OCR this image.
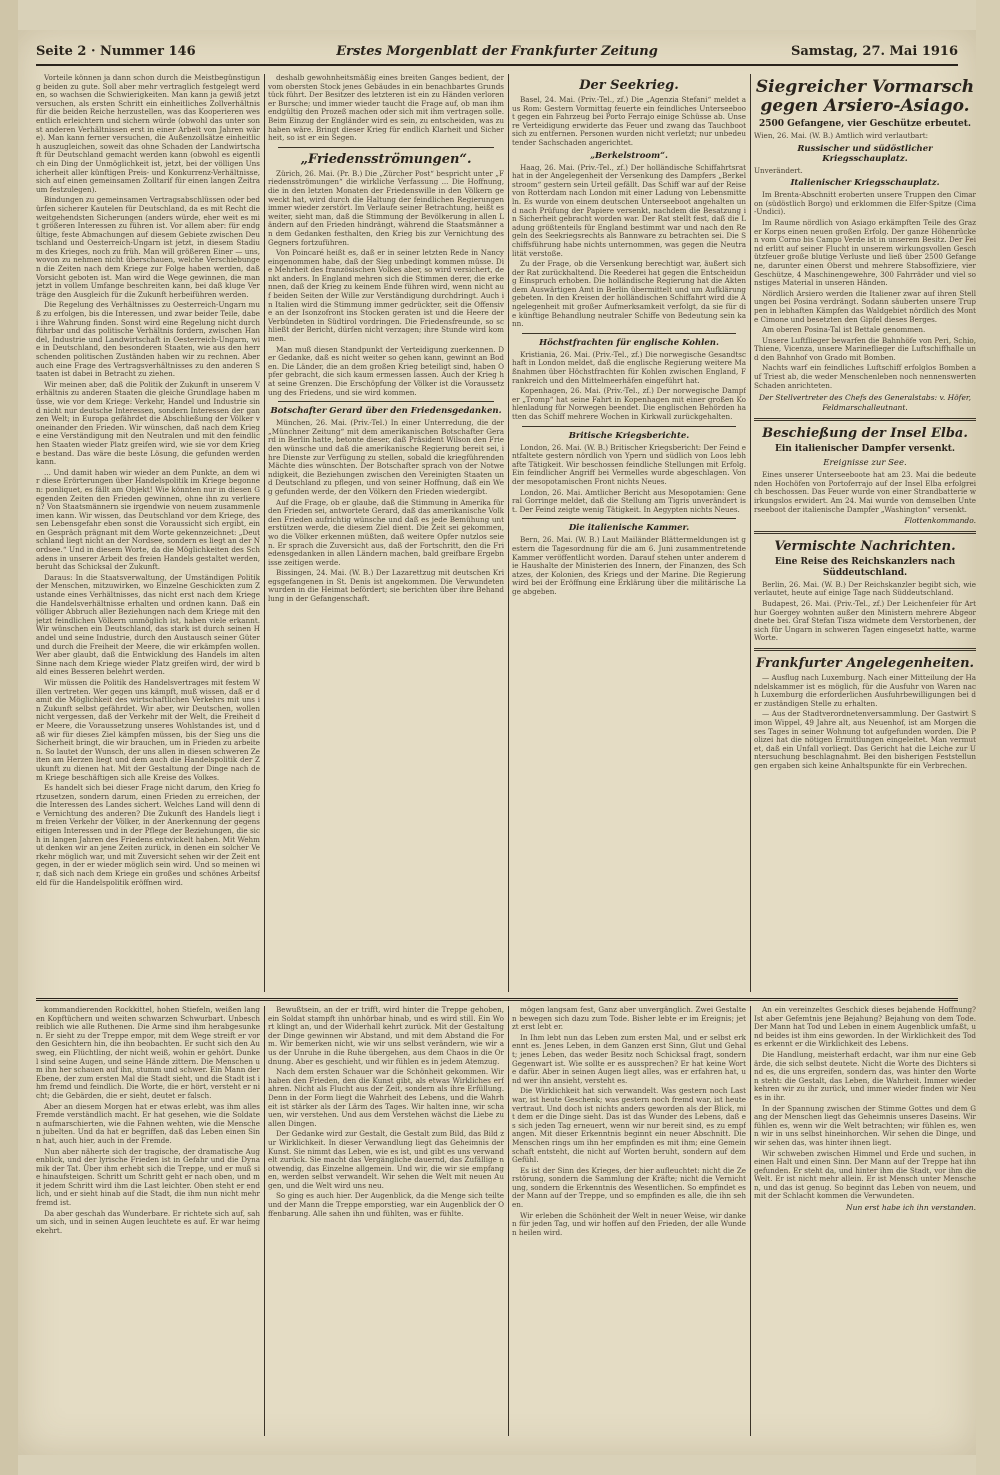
Seite 2 · Nummer 146	Erstes Morgenblatt der Frankfurter Zeitung	Samstag, 27. Mai 1916

Vorteile können ja dann schon durch die Meistbegünstigung beiden zu gute. Soll aber mehr vertraglich festgelegt werden, so wachsen die Schwierigkeiten. Man kann ja gewiß jetzt versuchen, als ersten Schritt ein einheitliches Zollverhältnis für die beiden Reiche herzustellen, was das Kooperieren wesentlich erleichtern und sichern würde (obwohl das unter sonst anderen Verhältnissen erst in einer Arbeit von Jahren wäre). Man kann ferner versuchen, die Außenzollsätze einheitlich auszugleichen, soweit das ohne Schaden der Landwirtschaft für Deutschland gemacht werden kann (obwohl es eigentlich ein Ding der Unmöglichkeit ist, jetzt, bei der völligen Unsicherheit aller künftigen Preis- und Konkurrenz-Verhältnisse, sich auf einen gemeinsamen Zolltarif für einen langen Zeitraum festzulegen).

Bindungen zu gemeinsamen Vertragsabschlüssen oder bedürfen sicherer Kautelen für Deutschland, da es mit Recht die weitgehendsten Sicherungen (anders würde, eher weit es mit größeren Interessen zu führen ist. Vor allem aber: für endgültige, feste Abmachungen auf diesem Gebiete zwischen Deutschland und Oesterreich-Ungarn ist jetzt, in diesem Stadium des Krieges, noch zu früh. Man will größeren Einer — uns, wovon zu nehmen nicht überschauen, welche Verschiebungen die Zeiten nach dem Kriege zur Folge haben werden, daß Vorsicht geboten ist. Man wird die Wege gewinnen, die man jetzt in vollem Umfange beschreiten kann, bei daß kluge Verträge den Ausgleich für die Zukunft herbeiführen werden.

Die Regelung des Verhältnisses zu Oesterreich-Ungarn muß zu erfolgen, bis die Interessen, und zwar beider Teile, dabei ihre Wahrung finden. Sonst wird eine Regelung nicht durchführbar und das politische Verhältnis fordern, zwischen Handel, Industrie und Landwirtschaft in Oesterreich-Ungarn, wie in Deutschland, den besonderen Staaten, wie aus den herrschenden politischen Zuständen haben wir zu rechnen. Aber auch eine Frage des Vertragsverhältnisses zu den anderen Staaten ist dabei in Betracht zu ziehen.

Wir meinen aber, daß die Politik der Zukunft in unserem Verhältnis zu anderen Staaten die gleiche Grundlage haben müsse, wie vor dem Kriege: Verkehr, Handel und Industrie sind nicht nur deutsche Interessen, sondern Interessen der ganzen Welt; in Europa gefährdet die Abschließung der Völker voneinander den Frieden. Wir wünschen, daß nach dem Kriege eine Verständigung mit den Neutralen und mit den feindlichen Staaten wieder Platz greifen wird, wie sie vor dem Kriege bestand. Das wäre die beste Lösung, die gefunden werden kann.

... Und damit haben wir wieder an dem Punkte, an dem wir diese Erörterungen über Handelspolitik im Kriege begonnen: ponliquet, es fällt am Objekt! Wie könnten nur in diesen Gegenden Zeiten den Frieden gewinnen, ohne ihn zu verlieren? Von Staatsmännern sie irgendwie von neuem zusammenleimen kann. Wir wissen, das Deutschland vor dem Kriege, dessen Lebensgefahr eben sonst die Voraussicht sich ergibt, einen Gespräch prägnant mit dem Worte gekennzeichnet: „Deutschland liegt nicht an der Nordsee, sondern es liegt an der Nordsee.“ Und in diesem Worte, da die Möglichkeiten des Schadens in unserer Arbeit des freien Handels gestaltet werden, beruht das Schicksal der Zukunft.

Daraus: In die Staatsverwaltung, der Umständigen Politik der Menschen, mitzuwirken, wo Einzelne Geschickten zum Zustande eines Verhältnisses, das nicht erst nach dem Kriege die Handelsverhältnisse erhalten und ordnen kann. Daß ein völliger Abbruch aller Beziehungen nach dem Kriege mit den jetzt feindlichen Völkern unmöglich ist, haben viele erkannt. Wir wünschen ein Deutschland, das stark ist durch seinen Handel und seine Industrie, durch den Austausch seiner Güter und durch die Freiheit der Meere, die wir erkämpfen wollen. Wer aber glaubt, daß die Entwicklung des Handels im alten Sinne nach dem Kriege wieder Platz greifen wird, der wird bald eines Besseren belehrt werden.

Wir müssen die Politik des Handelsvertrages mit festem Willen vertreten. Wer gegen uns kämpft, muß wissen, daß er damit die Möglichkeit des wirtschaftlichen Verkehrs mit uns in Zukunft selbst gefährdet. Wir aber, wir Deutschen, wollen nicht vergessen, daß der Verkehr mit der Welt, die Freiheit der Meere, die Voraussetzung unseres Wohlstandes ist, und daß wir für dieses Ziel kämpfen müssen, bis der Sieg uns die Sicherheit bringt, die wir brauchen, um in Frieden zu arbeiten. So lautet der Wunsch, der uns allen in diesen schweren Zeiten am Herzen liegt und dem auch die Handelspolitik der Zukunft zu dienen hat. Mit der Gestaltung der Dinge nach dem Kriege beschäftigen sich alle Kreise des Volkes.

Es handelt sich bei dieser Frage nicht darum, den Krieg fortzusetzen, sondern darum, einen Frieden zu erreichen, der die Interessen des Landes sichert. Welches Land will denn die Vernichtung des anderen? Die Zukunft des Handels liegt im freien Verkehr der Völker, in der Anerkennung der gegenseitigen Interessen und in der Pflege der Beziehungen, die sich in langen Jahren des Friedens entwickelt haben. Mit Wehmut denken wir an jene Zeiten zurück, in denen ein solcher Verkehr möglich war, und mit Zuversicht sehen wir der Zeit entgegen, in der er wieder möglich sein wird. Und so meinen wir, daß sich nach dem Kriege ein großes und schönes Arbeitsfeld für die Handelspolitik eröffnen wird.

deshalb gewohnheitsmäßig eines breiten Ganges bedient, der vom obersten Stock jenes Gebäudes in ein benachbartes Grundstück führt. Der Besitzer des letzteren ist ein zu Händen verlorener Bursche; und immer wieder taucht die Frage auf, ob man ihm endgültig den Prozeß machen oder sich mit ihm vertragen solle. Beim Einzug der Engländer wird es sein, zu entscheiden, was zu haben wäre. Bringt dieser Krieg für endlich Klarheit und Sicherheit, so ist er ein Segen.

„Friedensströmungen“.

Zürich, 26. Mai. (Pr. B.) Die „Zürcher Post“ bespricht unter „Friedensströmungen“ die wirkliche Verfassung ... Die Hoffnung, die in den letzten Monaten der Friedenswille in den Völkern geweckt hat, wird durch die Haltung der feindlichen Regierungen immer wieder zerstört. Im Verlaufe seiner Betrachtung, heißt es weiter, sieht man, daß die Stimmung der Bevölkerung in allen Ländern auf den Frieden hindrängt, während die Staatsmänner an dem Gedanken festhalten, den Krieg bis zur Vernichtung des Gegners fortzuführen.

Von Poincaré heißt es, daß er in seiner letzten Rede in Nancy eingenommen habe, daß der Sieg unbedingt kommen müsse. Die Mehrheit des französischen Volkes aber, so wird versichert, denkt anders. In England mehren sich die Stimmen derer, die erkennen, daß der Krieg zu keinem Ende führen wird, wenn nicht auf beiden Seiten der Wille zur Verständigung durchdringt. Auch in Italien wird die Stimmung immer gedrückter, seit die Offensive an der Isonzofront ins Stocken geraten ist und die Heere der Verbündeten in Südtirol vordringen. Die Friedensfreunde, so schließt der Bericht, dürfen nicht verzagen; ihre Stunde wird kommen.

Man muß diesen Standpunkt der Verteidigung zuerkennen. Der Gedanke, daß es nicht weiter so gehen kann, gewinnt an Boden. Die Länder, die an dem großen Krieg beteiligt sind, haben Opfer gebracht, die sich kaum ermessen lassen. Auch der Krieg hat seine Grenzen. Die Erschöpfung der Völker ist die Voraussetzung des Friedens, und sie wird kommen.

Botschafter Gerard über den Friedensgedanken.

München, 26. Mai. (Priv.-Tel.) In einer Unterredung, die der „Münchner Zeitung“ mit dem amerikanischen Botschafter Gerard in Berlin hatte, betonte dieser, daß Präsident Wilson den Frieden wünsche und daß die amerikanische Regierung bereit sei, ihre Dienste zur Verfügung zu stellen, sobald die kriegführenden Mächte dies wünschten. Der Botschafter sprach von der Notwendigkeit, die Beziehungen zwischen den Vereinigten Staaten und Deutschland zu pflegen, und von seiner Hoffnung, daß ein Weg gefunden werde, der den Völkern den Frieden wiedergibt.

Auf die Frage, ob er glaube, daß die Stimmung in Amerika für den Frieden sei, antwortete Gerard, daß das amerikanische Volk den Frieden aufrichtig wünsche und daß es jede Bemühung unterstützen werde, die diesem Ziel dient. Die Zeit sei gekommen, wo die Völker erkennen müßten, daß weitere Opfer nutzlos seien. Er sprach die Zuversicht aus, daß der Fortschritt, den die Friedensgedanken in allen Ländern machen, bald greifbare Ergebnisse zeitigen werde.

Bissingen, 24. Mai. (W. B.) Der Lazarettzug mit deutschen Kriegsgefangenen in St. Denis ist angekommen. Die Verwundeten wurden in die Heimat befördert; sie berichten über ihre Behandlung in der Gefangenschaft.

Der Seekrieg.

Basel, 24. Mai. (Priv.-Tel., zf.) Die „Agenzia Stefani“ meldet aus Rom: Gestern Vormittag feuerte ein feindliches Unterseeboot gegen ein Fahrzeug bei Porto Ferrajo einige Schüsse ab. Unsere Verteidigung erwiderte das Feuer und zwang das Tauchboot sich zu entfernen. Personen wurden nicht verletzt; nur unbedeutender Sachschaden angerichtet.

„Berkelstroom“.

Haag, 26. Mai. (Priv.-Tel., zf.) Der holländische Schiffahrtsrat hat in der Angelegenheit der Versenkung des Dampfers „Berkelstroom“ gestern sein Urteil gefällt. Das Schiff war auf der Reise von Rotterdam nach London mit einer Ladung von Lebensmitteln. Es wurde von einem deutschen Unterseeboot angehalten und nach Prüfung der Papiere versenkt, nachdem die Besatzung in Sicherheit gebracht worden war. Der Rat stellt fest, daß die Ladung größtenteils für England bestimmt war und nach den Regeln des Seekriegsrechts als Bannware zu betrachten sei. Die Schiffsführung habe nichts unternommen, was gegen die Neutralität verstoße.

Zu der Frage, ob die Versenkung berechtigt war, äußert sich der Rat zurückhaltend. Die Reederei hat gegen die Entscheidung Einspruch erhoben. Die holländische Regierung hat die Akten dem Auswärtigen Amt in Berlin übermittelt und um Aufklärung gebeten. In den Kreisen der holländischen Schiffahrt wird die Angelegenheit mit großer Aufmerksamkeit verfolgt, da sie für die künftige Behandlung neutraler Schiffe von Bedeutung sein kann.

Höchstfrachten für englische Kohlen.

Kristiania, 26. Mai. (Priv.-Tel., zf.) Die norwegische Gesandtschaft in London meldet, daß die englische Regierung weitere Maßnahmen über Höchstfrachten für Kohlen zwischen England, Frankreich und den Mittelmeerhäfen eingeführt hat.

Kopenhagen, 26. Mai. (Priv.-Tel., zf.) Der norwegische Dampfer „Tromp“ hat seine Fahrt in Kopenhagen mit einer großen Kohlenladung für Norwegen beendet. Die englischen Behörden hatten das Schiff mehrere Wochen in Kirkwall zurückgehalten.

Britische Kriegsberichte.

London, 26. Mai. (W. B.) Britischer Kriegsbericht: Der Feind entfaltete gestern nördlich von Ypern und südlich von Loos lebhafte Tätigkeit. Wir beschossen feindliche Stellungen mit Erfolg. Ein feindlicher Angriff bei Vermelles wurde abgeschlagen. Von der mesopotamischen Front nichts Neues.

London, 26. Mai. Amtlicher Bericht aus Mesopotamien: General Gorringe meldet, daß die Stellung am Tigris unverändert ist. Der Feind zeigte wenig Tätigkeit. In Aegypten nichts Neues.

Die italienische Kammer.

Bern, 26. Mai. (W. B.) Laut Mailänder Blättermeldungen ist gestern die Tagesordnung für die am 6. Juni zusammentretende Kammer veröffentlicht worden. Darauf stehen unter anderem die Haushalte der Ministerien des Innern, der Finanzen, des Schatzes, der Kolonien, des Kriegs und der Marine. Die Regierung wird bei der Eröffnung eine Erklärung über die militärische Lage abgeben.

Siegreicher Vormarsch gegen Arsiero-Asiago.
2500 Gefangene, vier Geschütze erbeutet.
Wien, 26. Mai. (W. B.) Amtlich wird verlautbart:
Russischer und südöstlicher Kriegsschauplatz.
Unverändert.
Italienischer Kriegsschauplatz.

Im Brenta-Abschnitt eroberten unsere Truppen den Cimaron (südöstlich Borgo) und erklommen die Elfer-Spitze (Cima-Undici).

Im Raume nördlich von Asiago erkämpften Teile des Grazer Korps einen neuen großen Erfolg. Der ganze Höhenrücken vom Corno bis Campo Verde ist in unserem Besitz. Der Feind erlitt auf seiner Flucht in unserem wirkungsvollen Geschützfeuer große blutige Verluste und ließ über 2500 Gefangene, darunter einen Oberst und mehrere Stabsoffiziere, vier Geschütze, 4 Maschinengewehre, 300 Fahrräder und viel sonstiges Material in unseren Händen.

Nördlich Arsiero werden die Italiener zwar auf ihren Stellungen bei Posina verdrängt. Sodann säuberten unsere Truppen in lebhaften Kämpfen das Waldgebiet nördlich des Monte Cimone und besetzten den Gipfel dieses Berges.

Am oberen Posina-Tal ist Bettale genommen.

Unsere Luftflieger bewarfen die Bahnhöfe von Peri, Schio, Thiene, Vicenza, unsere Marineflieger die Luftschiffhalle und den Bahnhof von Grado mit Bomben.

Nachts warf ein feindliches Luftschiff erfolglos Bomben auf Triest ab, die weder Menschenleben noch nennenswerten Schaden anrichteten.

Der Stellvertreter des Chefs des Generalstabs: v. Höfer, Feldmarschalleutnant.
Beschießung der Insel Elba.
Ein italienischer Dampfer versenkt.
Ereignisse zur See.

Eines unserer Unterseeboote hat am 23. Mai die bedeutenden Hochöfen von Portoferrajo auf der Insel Elba erfolgreich beschossen. Das Feuer wurde von einer Strandbatterie wirkungslos erwidert. Am 24. Mai wurde von demselben Unterseeboot der italienische Dampfer „Washington“ versenkt.

Flottenkommando.
Vermischte Nachrichten.
Eine Reise des Reichskanzlers nach Süddeutschland.

Berlin, 26. Mai. (W. B.) Der Reichskanzler begibt sich, wie verlautet, heute auf einige Tage nach Süddeutschland.

Budapest, 26. Mai. (Priv.-Tel., zf.) Der Leichenfeier für Arthur Goergey wohnten außer den Ministern mehrere Abgeordnete bei. Graf Stefan Tisza widmete dem Verstorbenen, der sich für Ungarn in schweren Tagen eingesetzt hatte, warme Worte.

Frankfurter Angelegenheiten.

— Ausflug nach Luxemburg. Nach einer Mitteilung der Handelskammer ist es möglich, für die Ausfuhr von Waren nach Luxemburg die erforderlichen Ausfuhrbewilligungen bei der zuständigen Stelle zu erhalten.

— Aus der Stadtverordnetenversammlung. Der Gastwirt Simon Wippel, 49 Jahre alt, aus Neuenhof, ist am Morgen dieses Tages in seiner Wohnung tot aufgefunden worden. Die Polizei hat die nötigen Ermittlungen eingeleitet. Man vermutet, daß ein Unfall vorliegt. Das Gericht hat die Leiche zur Untersuchung beschlagnahmt. Bei den bisherigen Feststellungen ergaben sich keine Anhaltspunkte für ein Verbrechen.

kommandierenden Rockkittel, hohen Stiefeln, weißen langen Kopftüchern und weiten schwarzen Schwurbart. Unbeschreiblich wie alle Ruthenen. Die Arme sind ihm herabgesunken. Er sieht zu der Treppe empor, mit dem Wege streift er vor den Gesichtern hin, die ihn beobachten. Er sucht sich den Ausweg, ein Flüchtling, der nicht weiß, wohin er gehört. Dunkel sind seine Augen, und seine Hände zittern. Die Menschen um ihn her schauen auf ihn, stumm und schwer. Ein Mann der Ebene, der zum ersten Mal die Stadt sieht, und die Stadt ist ihm fremd und feindlich. Die Worte, die er hört, versteht er nicht; die Gebärden, die er sieht, deutet er falsch.

Aber an diesem Morgen hat er etwas erlebt, was ihm alles Fremde verständlich macht. Er hat gesehen, wie die Soldaten aufmarschierten, wie die Fahnen wehten, wie die Menschen jubelten. Und da hat er begriffen, daß das Leben einen Sinn hat, auch hier, auch in der Fremde.

Nun aber näherte sich der tragische, der dramatische Augenblick, und der lyrische Frieden ist in Gefahr und die Dynamik der Tat. Über ihm erhebt sich die Treppe, und er muß sie hinaufsteigen. Schritt um Schritt geht er nach oben, und mit jedem Schritt wird ihm die Last leichter. Oben steht er endlich, und er sieht hinab auf die Stadt, die ihm nun nicht mehr fremd ist.

Da aber geschah das Wunderbare. Er richtete sich auf, sah um sich, und in seinen Augen leuchtete es auf. Er war heimgekehrt.

Bewußtsein, an der er trifft, wird hinter die Treppe gehoben, ein Soldat stampft ihn unhörbar hinab, und es wird still. Ein Wort klingt an, und der Widerhall kehrt zurück. Mit der Gestaltung der Dinge gewinnen wir Abstand, und mit dem Abstand die Form. Wir bemerken nicht, wie wir uns selbst verändern, wie wir aus der Unruhe in die Ruhe übergehen, aus dem Chaos in die Ordnung. Aber es geschieht, und wir fühlen es in jedem Atemzug.

Nach dem ersten Schauer war die Schönheit gekommen. Wir haben den Frieden, den die Kunst gibt, als etwas Wirkliches erfahren. Nicht als Flucht aus der Zeit, sondern als ihre Erfüllung. Denn in der Form liegt die Wahrheit des Lebens, und die Wahrheit ist stärker als der Lärm des Tages. Wir halten inne, wir schauen, wir verstehen. Und aus dem Verstehen wächst die Liebe zu allen Dingen.

Der Gedanke wird zur Gestalt, die Gestalt zum Bild, das Bild zur Wirklichkeit. In dieser Verwandlung liegt das Geheimnis der Kunst. Sie nimmt das Leben, wie es ist, und gibt es uns verwandelt zurück. Sie macht das Vergängliche dauernd, das Zufällige notwendig, das Einzelne allgemein. Und wir, die wir sie empfangen, werden selbst verwandelt. Wir sehen die Welt mit neuen Augen, und die Welt wird uns neu.

So ging es auch hier. Der Augenblick, da die Menge sich teilte und der Mann die Treppe emporstieg, war ein Augenblick der Offenbarung. Alle sahen ihn und fühlten, was er fühlte.

mögen langsam fest, Ganz aber unvergänglich. Zwei Gestalten bewegen sich dazu zum Tode. Bisher lebte er im Ereignis; jetzt erst lebt er.

In Ihm lebt nun das Leben zum ersten Mal, und er selbst erkennt es. Jenes Leben, in dem Ganzen erst Sinn, Glut und Gehalt; jenes Leben, das weder Besitz noch Schicksal fragt, sondern Gegenwart ist. Wie sollte er es aussprechen? Er hat keine Worte dafür. Aber in seinen Augen liegt alles, was er erfahren hat, und wer ihn ansieht, versteht es.

Die Wirklichkeit hat sich verwandelt. Was gestern noch Last war, ist heute Geschenk; was gestern noch fremd war, ist heute vertraut. Und doch ist nichts anders geworden als der Blick, mit dem er die Dinge sieht. Das ist das Wunder des Lebens, daß es sich jeden Tag erneuert, wenn wir nur bereit sind, es zu empfangen. Mit dieser Erkenntnis beginnt ein neuer Abschnitt. Die Menschen rings um ihn her empfinden es mit ihm; eine Gemeinschaft entsteht, die nicht auf Worten beruht, sondern auf dem Gefühl.

Es ist der Sinn des Krieges, der hier aufleuchtet: nicht die Zerstörung, sondern die Sammlung der Kräfte; nicht die Vernichtung, sondern die Erkenntnis des Wesentlichen. So empfindet es der Mann auf der Treppe, und so empfinden es alle, die ihn sehen.

Wir erleben die Schönheit der Welt in neuer Weise, wir danken für jeden Tag, und wir hoffen auf den Frieden, der alle Wunden heilen wird.

An ein vereinzeltes Geschick dieses bejahende Hoffnung? Ist aber Gefemtnis jene Bejahung? Bejahung von dem Tode. Der Mann hat Tod und Leben in einem Augenblick umfaßt, und beides ist ihm eins geworden. In der Wirklichkeit des Todes erkennt er die Wirklichkeit des Lebens.

Die Handlung, meisterhaft erdacht, war ihm nur eine Gebärde, die sich selbst deutete. Nicht die Worte des Dichters sind es, die uns ergreifen, sondern das, was hinter den Worten steht: die Gestalt, das Leben, die Wahrheit. Immer wieder kehren wir zu ihr zurück, und immer wieder finden wir Neues in ihr.

In der Spannung zwischen der Stimme Gottes und dem Gang der Menschen liegt das Geheimnis unseres Daseins. Wir fühlen es, wenn wir die Welt betrachten; wir fühlen es, wenn wir in uns selbst hineinhorchen. Wir sehen die Dinge, und wir sehen das, was hinter ihnen liegt.

Wir schweben zwischen Himmel und Erde und suchen, in einen Halt und einen Sinn. Der Mann auf der Treppe hat ihn gefunden. Er steht da, und hinter ihm die Stadt, vor ihm die Welt. Er ist nicht mehr allein. Er ist Mensch unter Menschen, und das ist genug. So beginnt das Leben von neuem, und mit der Schlacht kommen die Verwundeten.

Nun erst habe ich ihn verstanden.
